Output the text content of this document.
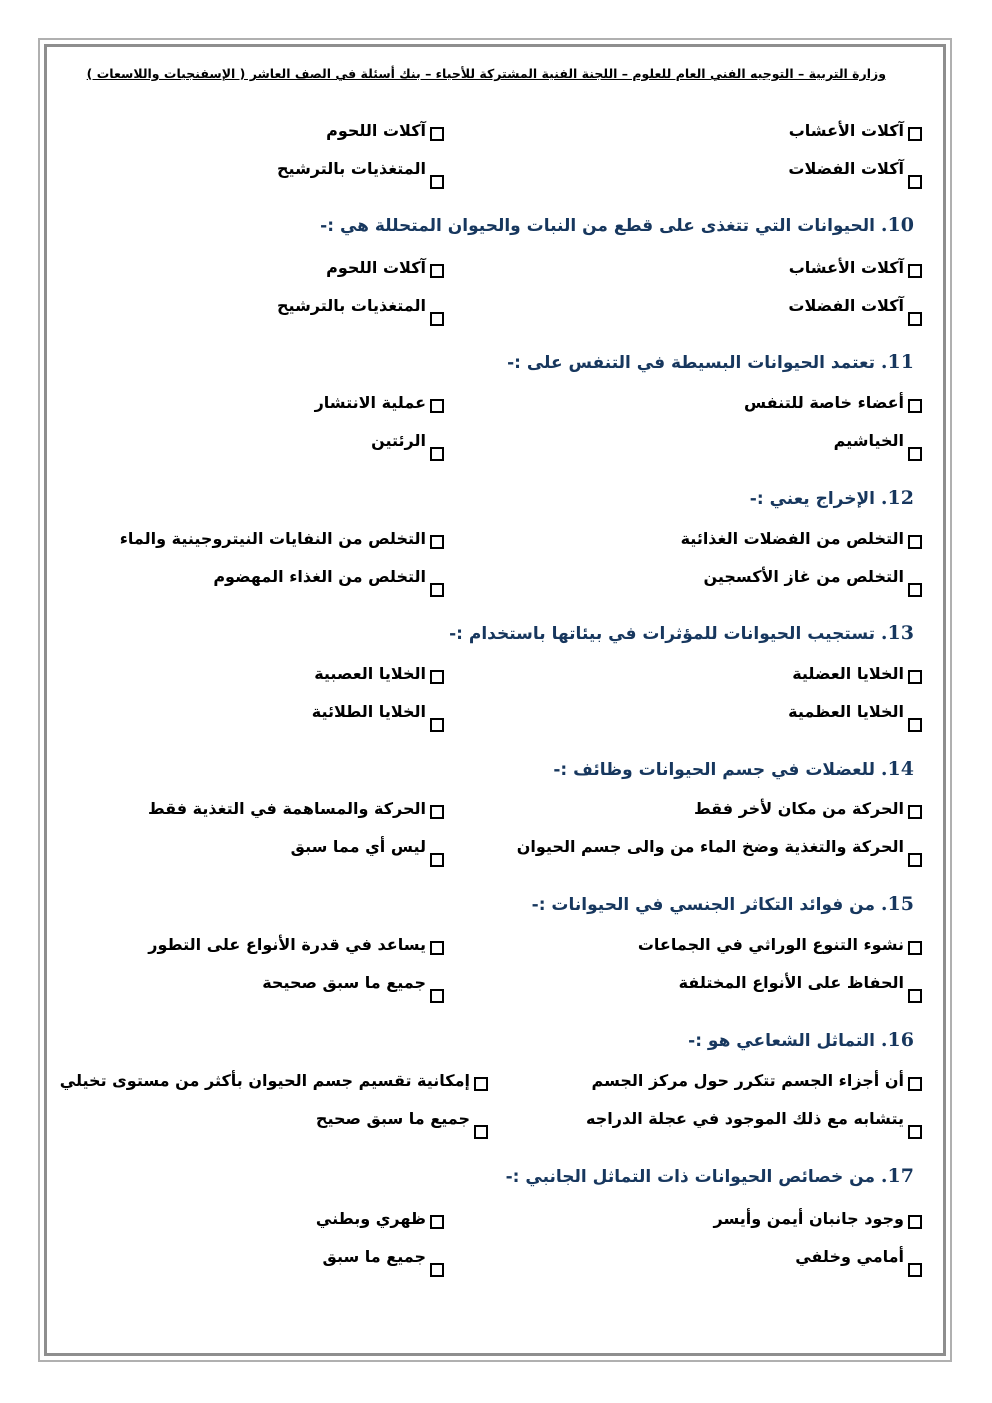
وزارة التربية – التوجيه الفني العام للعلوم – اللجنة الفنية المشتركة للأحياء – بنك أسئلة في الصف العاشر ( الإسفنجيات واللاسعات )
آكلات الأعشاب
آكلات اللحوم
آكلات الفضلات
المتغذيات بالترشيح
10. الحيوانات التي تتغذى على قطع من النبات والحيوان المتحللة هي :-
آكلات الأعشاب
آكلات اللحوم
آكلات الفضلات
المتغذيات بالترشيح
11. تعتمد الحيوانات البسيطة في التنفس على :-
أعضاء خاصة للتنفس
عملية الانتشار
الخياشيم
الرئتين
12. الإخراج يعني :-
التخلص من الفضلات الغذائية
التخلص من النفايات النيتروجينية والماء
التخلص من غاز الأكسجين
التخلص من الغذاء المهضوم
13. تستجيب الحيوانات للمؤثرات في بيئاتها باستخدام :-
الخلايا العضلية
الخلايا العصبية
الخلايا العظمية
الخلايا الطلائية
14. للعضلات في جسم الحيوانات وظائف :-
الحركة من مكان لأخر فقط
الحركة والمساهمة في التغذية فقط
الحركة والتغذية وضخ الماء من والى جسم الحيوان
ليس أي مما سبق
15. من فوائد التكاثر الجنسي في الحيوانات :-
نشوء التنوع الوراثي في الجماعات
يساعد في قدرة الأنواع على التطور
الحفاظ على الأنواع المختلفة
جميع ما سبق صحيحة
16. التماثل الشعاعي هو :-
أن أجزاء الجسم تتكرر حول مركز الجسم
إمكانية تقسيم جسم الحيوان بأكثر من مستوى تخيلي
يتشابه مع ذلك الموجود في عجلة الدراجه
جميع ما سبق صحيح
17. من خصائص الحيوانات ذات التماثل الجانبي :-
وجود جانبان أيمن وأيسر
ظهري وبطني
أمامي وخلفي
جميع ما سبق
